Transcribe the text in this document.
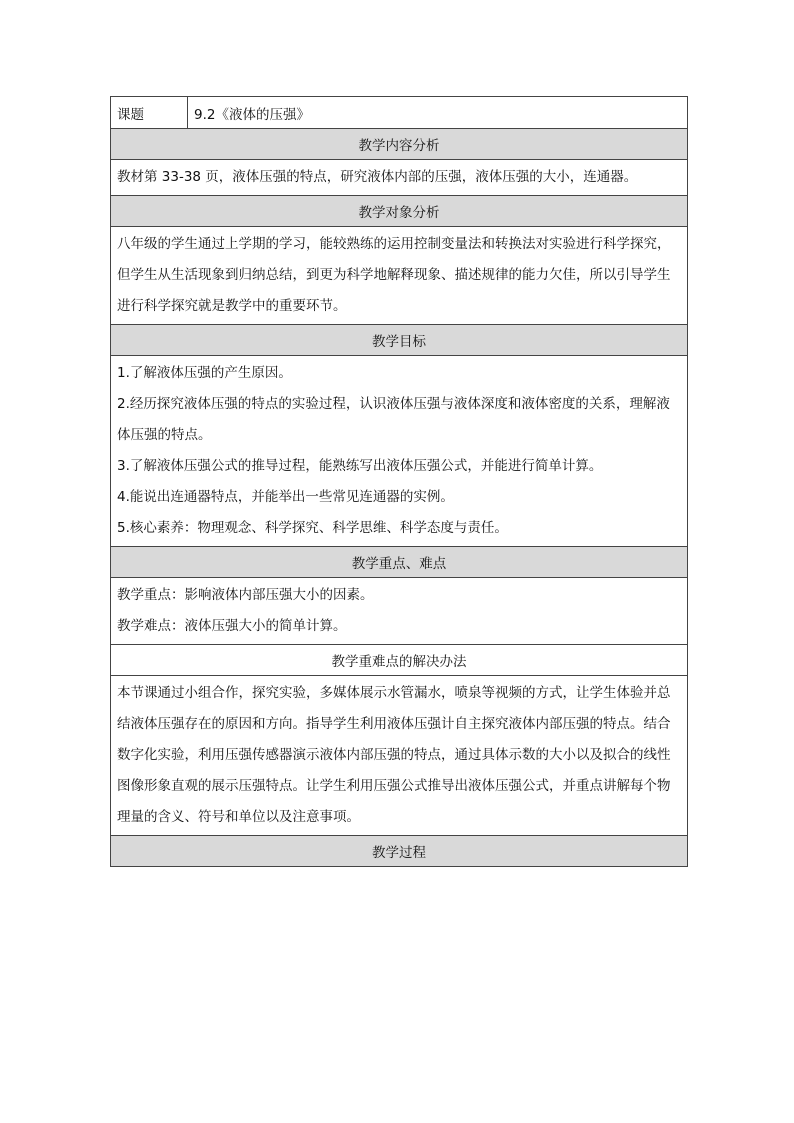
课题	9.2《液体的压强》
教学内容分析
教材第 33-38 页，液体压强的特点，研究液体内部的压强，液体压强的大小，连通器。
教学对象分析
八年级的学生通过上学期的学习，能较熟练的运用控制变量法和转换法对实验进行科学探究，但学生从生活现象到归纳总结，到更为科学地解释现象、描述规律的能力欠佳，所以引导学生进行科学探究就是教学中的重要环节。
教学目标

1.了解液体压强的产生原因。

2.经历探究液体压强的特点的实验过程，认识液体压强与液体深度和液体密度的关系，理解液体压强的特点。

3.了解液体压强公式的推导过程，能熟练写出液体压强公式，并能进行简单计算。

4.能说出连通器特点，并能举出一些常见连通器的实例。

5.核心素养：物理观念、科学探究、科学思维、科学态度与责任。

教学重点、难点

教学重点：影响液体内部压强大小的因素。

教学难点：液体压强大小的简单计算。

教学重难点的解决办法
本节课通过小组合作，探究实验，多媒体展示水管漏水，喷泉等视频的方式，让学生体验并总结液体压强存在的原因和方向。指导学生利用液体压强计自主探究液体内部压强的特点。结合数字化实验，利用压强传感器演示液体内部压强的特点，通过具体示数的大小以及拟合的线性图像形象直观的展示压强特点。让学生利用压强公式推导出液体压强公式，并重点讲解每个物理量的含义、符号和单位以及注意事项。
教学过程
